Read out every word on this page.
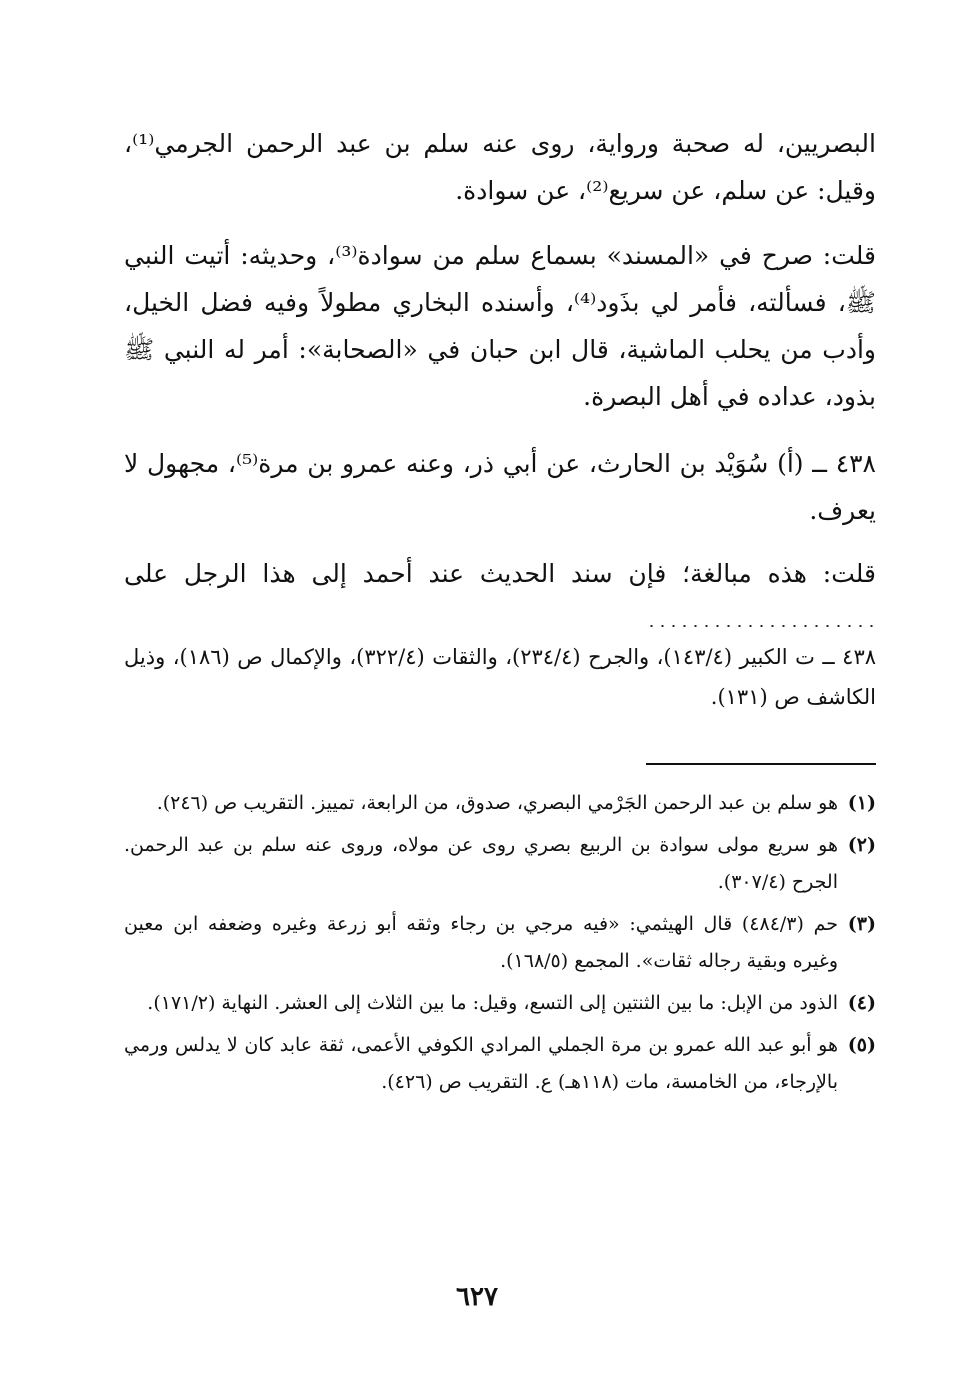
البصريين، له صحبة ورواية، روى عنه سلم بن عبد الرحمن الجرمي⁽¹⁾، وقيل: عن سلم، عن سريع⁽²⁾، عن سوادة.

قلت: صرح في «المسند» بسماع سلم من سوادة⁽³⁾، وحديثه: أتيت النبي ﷺ، فسألته، فأمر لي بذَود⁽⁴⁾، وأسنده البخاري مطولاً وفيه فضل الخيل، وأدب من يحلب الماشية، قال ابن حبان في «الصحابة»: أمر له النبي ﷺ بذود، عداده في أهل البصرة.

٤٣٨ ــ (أ) سُوَيْد بن الحارث، عن أبي ذر، وعنه عمرو بن مرة⁽⁵⁾، مجهول لا يعرف.

قلت: هذه مبالغة؛ فإن سند الحديث عند أحمد إلى هذا الرجل على

٤٣٨ ــ ت الكبير (١٤٣/٤)، والجرح (٢٣٤/٤)، والثقات (٣٢٢/٤)، والإكمال ص (١٨٦)، وذيل الكاشف ص (١٣١).

(١)
هو سلم بن عبد الرحمن الجَرْمي البصري، صدوق، من الرابعة، تمييز. التقريب ص (٢٤٦).
(٢)
هو سريع مولى سوادة بن الربيع بصري روى عن مولاه، وروى عنه سلم بن عبد الرحمن. الجرح (٣٠٧/٤).
(٣)
حم (٤٨٤/٣) قال الهيثمي: «فيه مرجي بن رجاء وثقه أبو زرعة وغيره وضعفه ابن معين وغيره وبقية رجاله ثقات». المجمع (١٦٨/٥).
(٤)
الذود من الإبل: ما بين الثنتين إلى التسع، وقيل: ما بين الثلاث إلى العشر. النهاية (١٧١/٢).
(٥)
هو أبو عبد الله عمرو بن مرة الجملي المرادي الكوفي الأعمى، ثقة عابد كان لا يدلس ورمي بالإرجاء، من الخامسة، مات (١١٨هـ) ع. التقريب ص (٤٢٦).
٦٢٧
